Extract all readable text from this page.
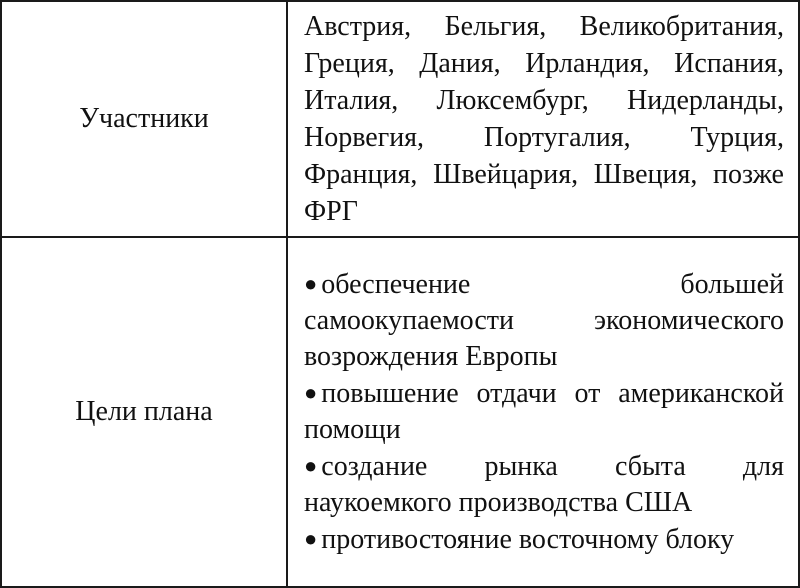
Участники	Австрия, Бельгия, Великобритания, Греция, Дания, Ирландия, Испания, Италия, Люксембург, Нидерланды, Норвегия, Португалия, Турция, Франция, Швейцария, Швеция, позже ФРГ

Цели плана	● обеспечение большей самоокупаемости экономического возрождения Европы

● повышение отдачи от американской помощи

● создание рынка сбыта для наукоемкого производства США

● противостояние восточному блоку
